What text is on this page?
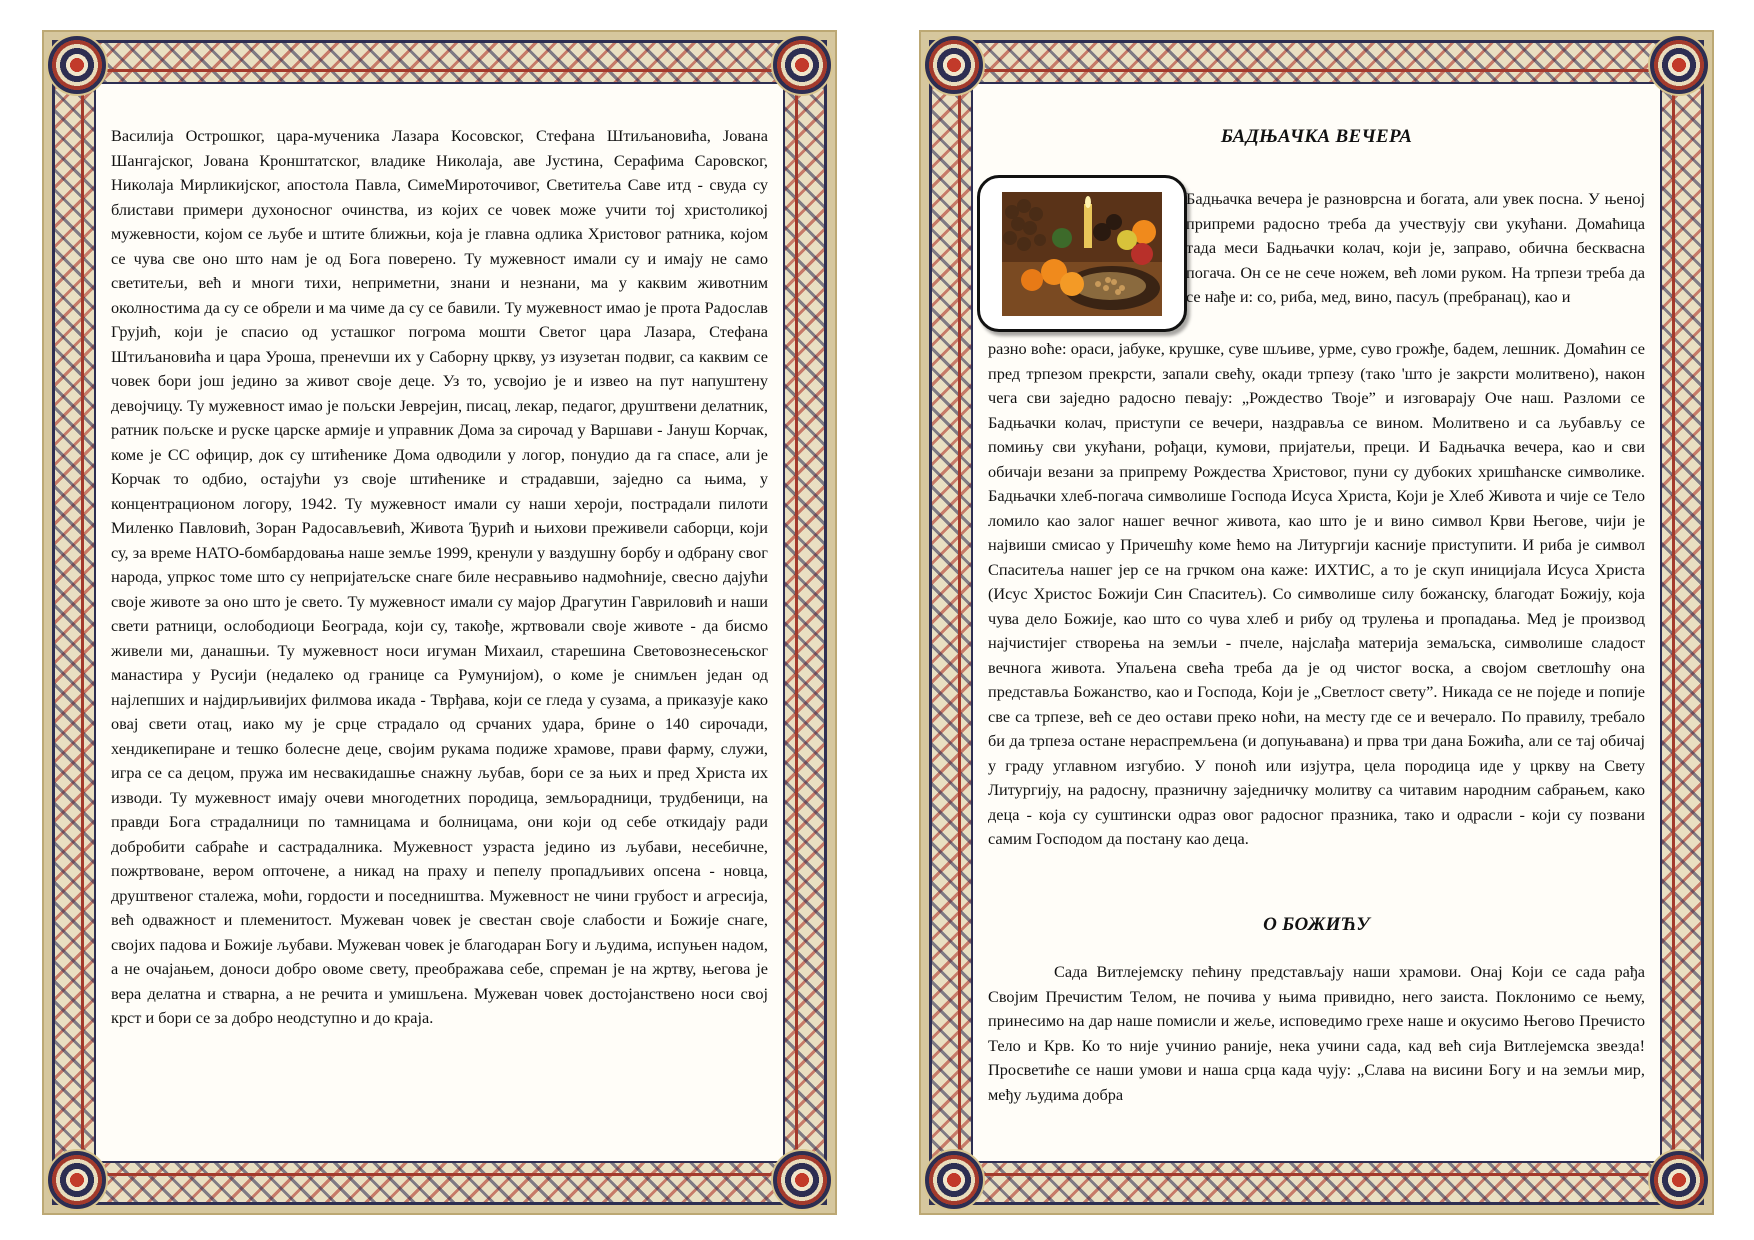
Василија Острошког, цара-мученика Лазара Косовског, Стефана Штиљановића, Јована Шангајског, Јована Кронштатског, владике Николаја, аве Јустина, Серафима Саровског, Николаја Мирликијског, апостола Павла, СимеМироточивог, Светитеља Саве итд - свуда су блистави примери духоносног очинства, из којих се човек може учити тој христоликој мужевности, којом се љубе и штите ближњи, која је главна одлика Христовог ратника, којом се чува све оно што нам је од Бога поверено. Ту мужевност имали су и имају не само светитељи, већ и многи тихи, неприметни, знани и незнани, ма у каквим животним околностима да су се обрели и ма чиме да су се бавили. Ту мужевност имао је прота Радослав Грујић, који је спасио од усташког погрома мошти Светог цара Лазара, Стефана Штиљановића и цара Уроша, пренevши их у Саборну цркву, уз изузетан подвиг, са каквим се човек бори још једино за живот своје деце. Уз то, усвојио је и извео на пут напуштену девојчицу. Ту мужевност имао је пољски Јеврејин, писац, лекар, педагог, друштвени делатник, ратник пољске и руске царске армије и управник Дома за сирочад у Варшави - Јануш Корчак, коме је СС официр, док су штићенике Дома одводили у логор, понудио да га спасе, али је Корчак то одбио, остајући уз своје штићенике и страдавши, заједно са њима, у концентрационом логору, 1942. Ту мужевност имали су наши хероји, пострадали пилоти Миленко Павловић, Зоран Радосављевић, Живота Ђурић и њихови преживели саборци, који су, за време НАТО-бомбардовања наше земље 1999, кренули у ваздушну борбу и одбрану свог народа, упркос томе што су непријатељске снаге биле несравњиво надмоћније, свесно дајући своје животе за оно што је свето. Ту мужевност имали су мајор Драгутин Гавриловић и наши свети ратници, ослободиоци Београда, који су, такође, жртвовали своје животе - да бисмо живели ми, данашњи. Ту мужевност носи игуман Михаил, старешина Световознесењског манастира у Русији (недалеко од границе са Румунијом), о коме је снимљен један од најлепших и најдирљивијих филмова икада - Тврђава, који се гледа у сузама, а приказује како овај свети отац, иако му је срце страдало од срчаних удара, брине о 140 сирочади, хендикепиране и тешко болесне деце, својим рукама подиже храмове, прави фарму, служи, игра се са децом, пружа им несвакидашње снажну љубав, бори се за њих и пред Христа их изводи. Ту мужевност имају очеви многодетних породица, земљорадници, трудбеници, на правди Бога страдалници по тамницама и болницама, они који од себе откидају ради добробити сабраће и састрадалника. Мужевност узраста једино из љубави, несебичне, пожртвоване, вером опточене, а никад на праху и пепелу пропадљивих опсена - новца, друштвеног сталежа, моћи, гордости и поседништва. Мужевност не чини грубост и агресија, већ одважност и племенитост. Мужеван човек је свестан своје слабости и Божије снаге, својих падова и Божије љубави. Мужеван човек је благодаран Богу и људима, испуњен надом, а не очајањем, доноси добро овоме свету, преображава себе, спреман је на жртву, његова је вера делатна и стварна, а не речита и умишљена. Мужеван човек достојанствено носи свој крст и бори се за добро неодступно и до краја.

БАДЊАЧКА ВЕЧЕРА

Бадњачка вечера је разноврсна и богата, али увек посна. У њеној припреми радосно треба да учествују сви укућани. Домаћица тада меси Бадњачки колач, који је, заправо, обична бесквасна погача. Он се не сече ножем, већ ломи руком. На трпези треба да се нађе и: со, риба, мед, вино, пасуљ (пребранац), као и

разно воће: ораси, јабуке, крушке, суве шљиве, урме, суво грожђе, бадем, лешник. Домаћин се пред трпезом прекрсти, запали свећу, окади трпезу (тако 'што је закрсти молитвено), након чега сви заједно радосно певају: „Рождество Твоје” и изговарају Оче наш. Разломи се Бадњачки колач, приступи се вечери, наздравља се вином. Молитвено и са љубављу се помињу сви укућани, рођаци, кумови, пријатељи, преци. И Бадњачка вечера, као и сви обичаји везани за припрему Рождества Христовог, пуни су дубоких хришћанске символике. Бадњачки хлеб-погача символише Господа Исуса Христа, Који је Хлеб Живота и чије се Тело ломило као залог нашег вечног живота, као што је и вино символ Крви Његове, чији је највиши смисао у Причешћу коме ћемо на Литургији касније приступити. И риба је символ Спаситеља нашег јер се на грчком она каже: ИХТИС, а то је скуп иницијала Исуса Христа (Исус Христос Божији Син Спаситељ). Со символише силу божанску, благодат Божију, која чува дело Божије, као што со чува хлеб и рибу од трулења и пропадања. Мед је производ најчистијег створења на земљи - пчеле, најслађа материја земаљска, символише сладост вечнога живота. Упаљена свећа треба да је од чистог воска, а својом светлошћу она представља Божанство, као и Господа, Који је „Светлост свету”. Никада се не поједе и попије све са трпезе, већ се део остави преко ноћи, на месту где се и вечерало. По правилу, требало би да трпеза остане нераспремљена (и допуњавана) и прва три дана Божића, али се тај обичај у граду углавном изгубио. У поноћ или изјутра, цела породица иде у цркву на Свету Литургију, на радосну, празничну заједничку молитву са читавим народним сабрањем, како деца - која су суштински одраз овог радосног празника, тако и одрасли - који су позвани самим Господом да постану као деца.

О БОЖИЋУ

Сада Витлејемску пећину представљају наши храмови. Онај Који се сада рађа Својим Пречистим Телом, не почива у њима привидно, него заиста. Поклонимо се њему, принесимо на дар наше помисли и жеље, исповедимо грехе наше и окусимо Његово Пречисто Тело и Крв. Ко то није учинио раније, нека учини сада, кад већ сија Витлејемска звезда! Просветиће се наши умови и наша срца када чују: „Слава на висини Богу и на земљи мир, међу људима добра
